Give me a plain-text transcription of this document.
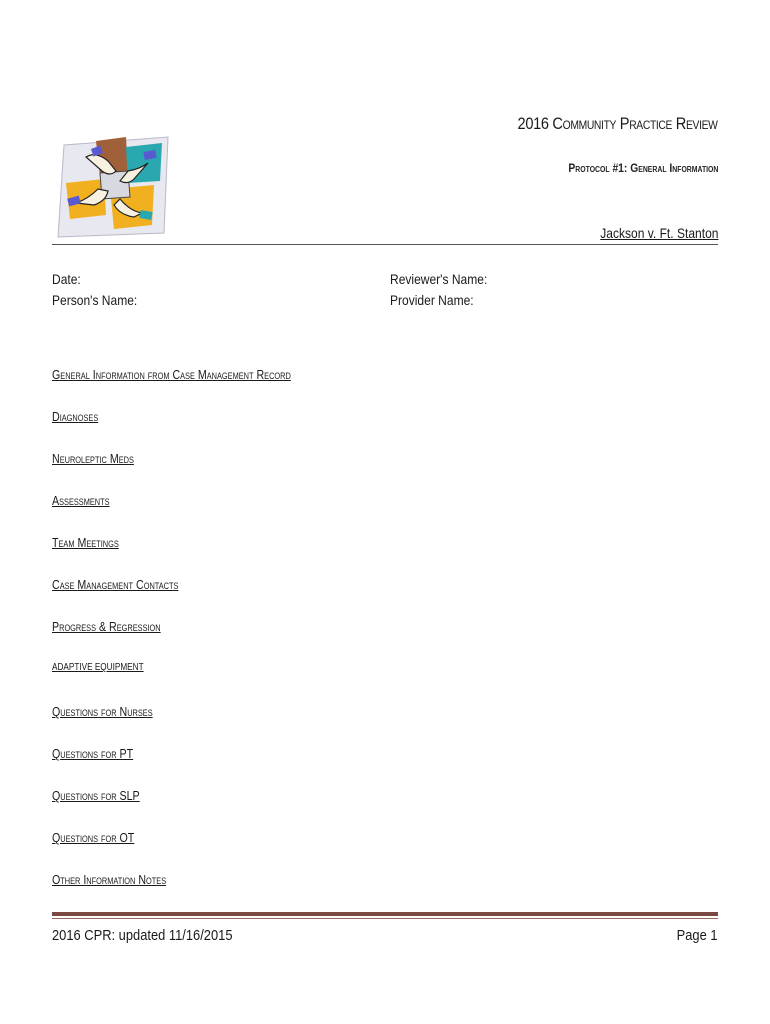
2016 Community Practice Review
Protocol #1: General Information
Jackson v. Ft. Stanton
Date:
Person's Name:
Reviewer's Name:
Provider Name:
General Information from Case Management Record
Diagnoses
Neuroleptic Meds
Assessments
Team Meetings
Case Management Contacts
Progress & Regression
ADAPTIVE EQUIPMENT
Questions for Nurses
Questions for PT
Questions for SLP
Questions for OT
Other Information Notes
2016 CPR: updated 11/16/2015	Page 1
